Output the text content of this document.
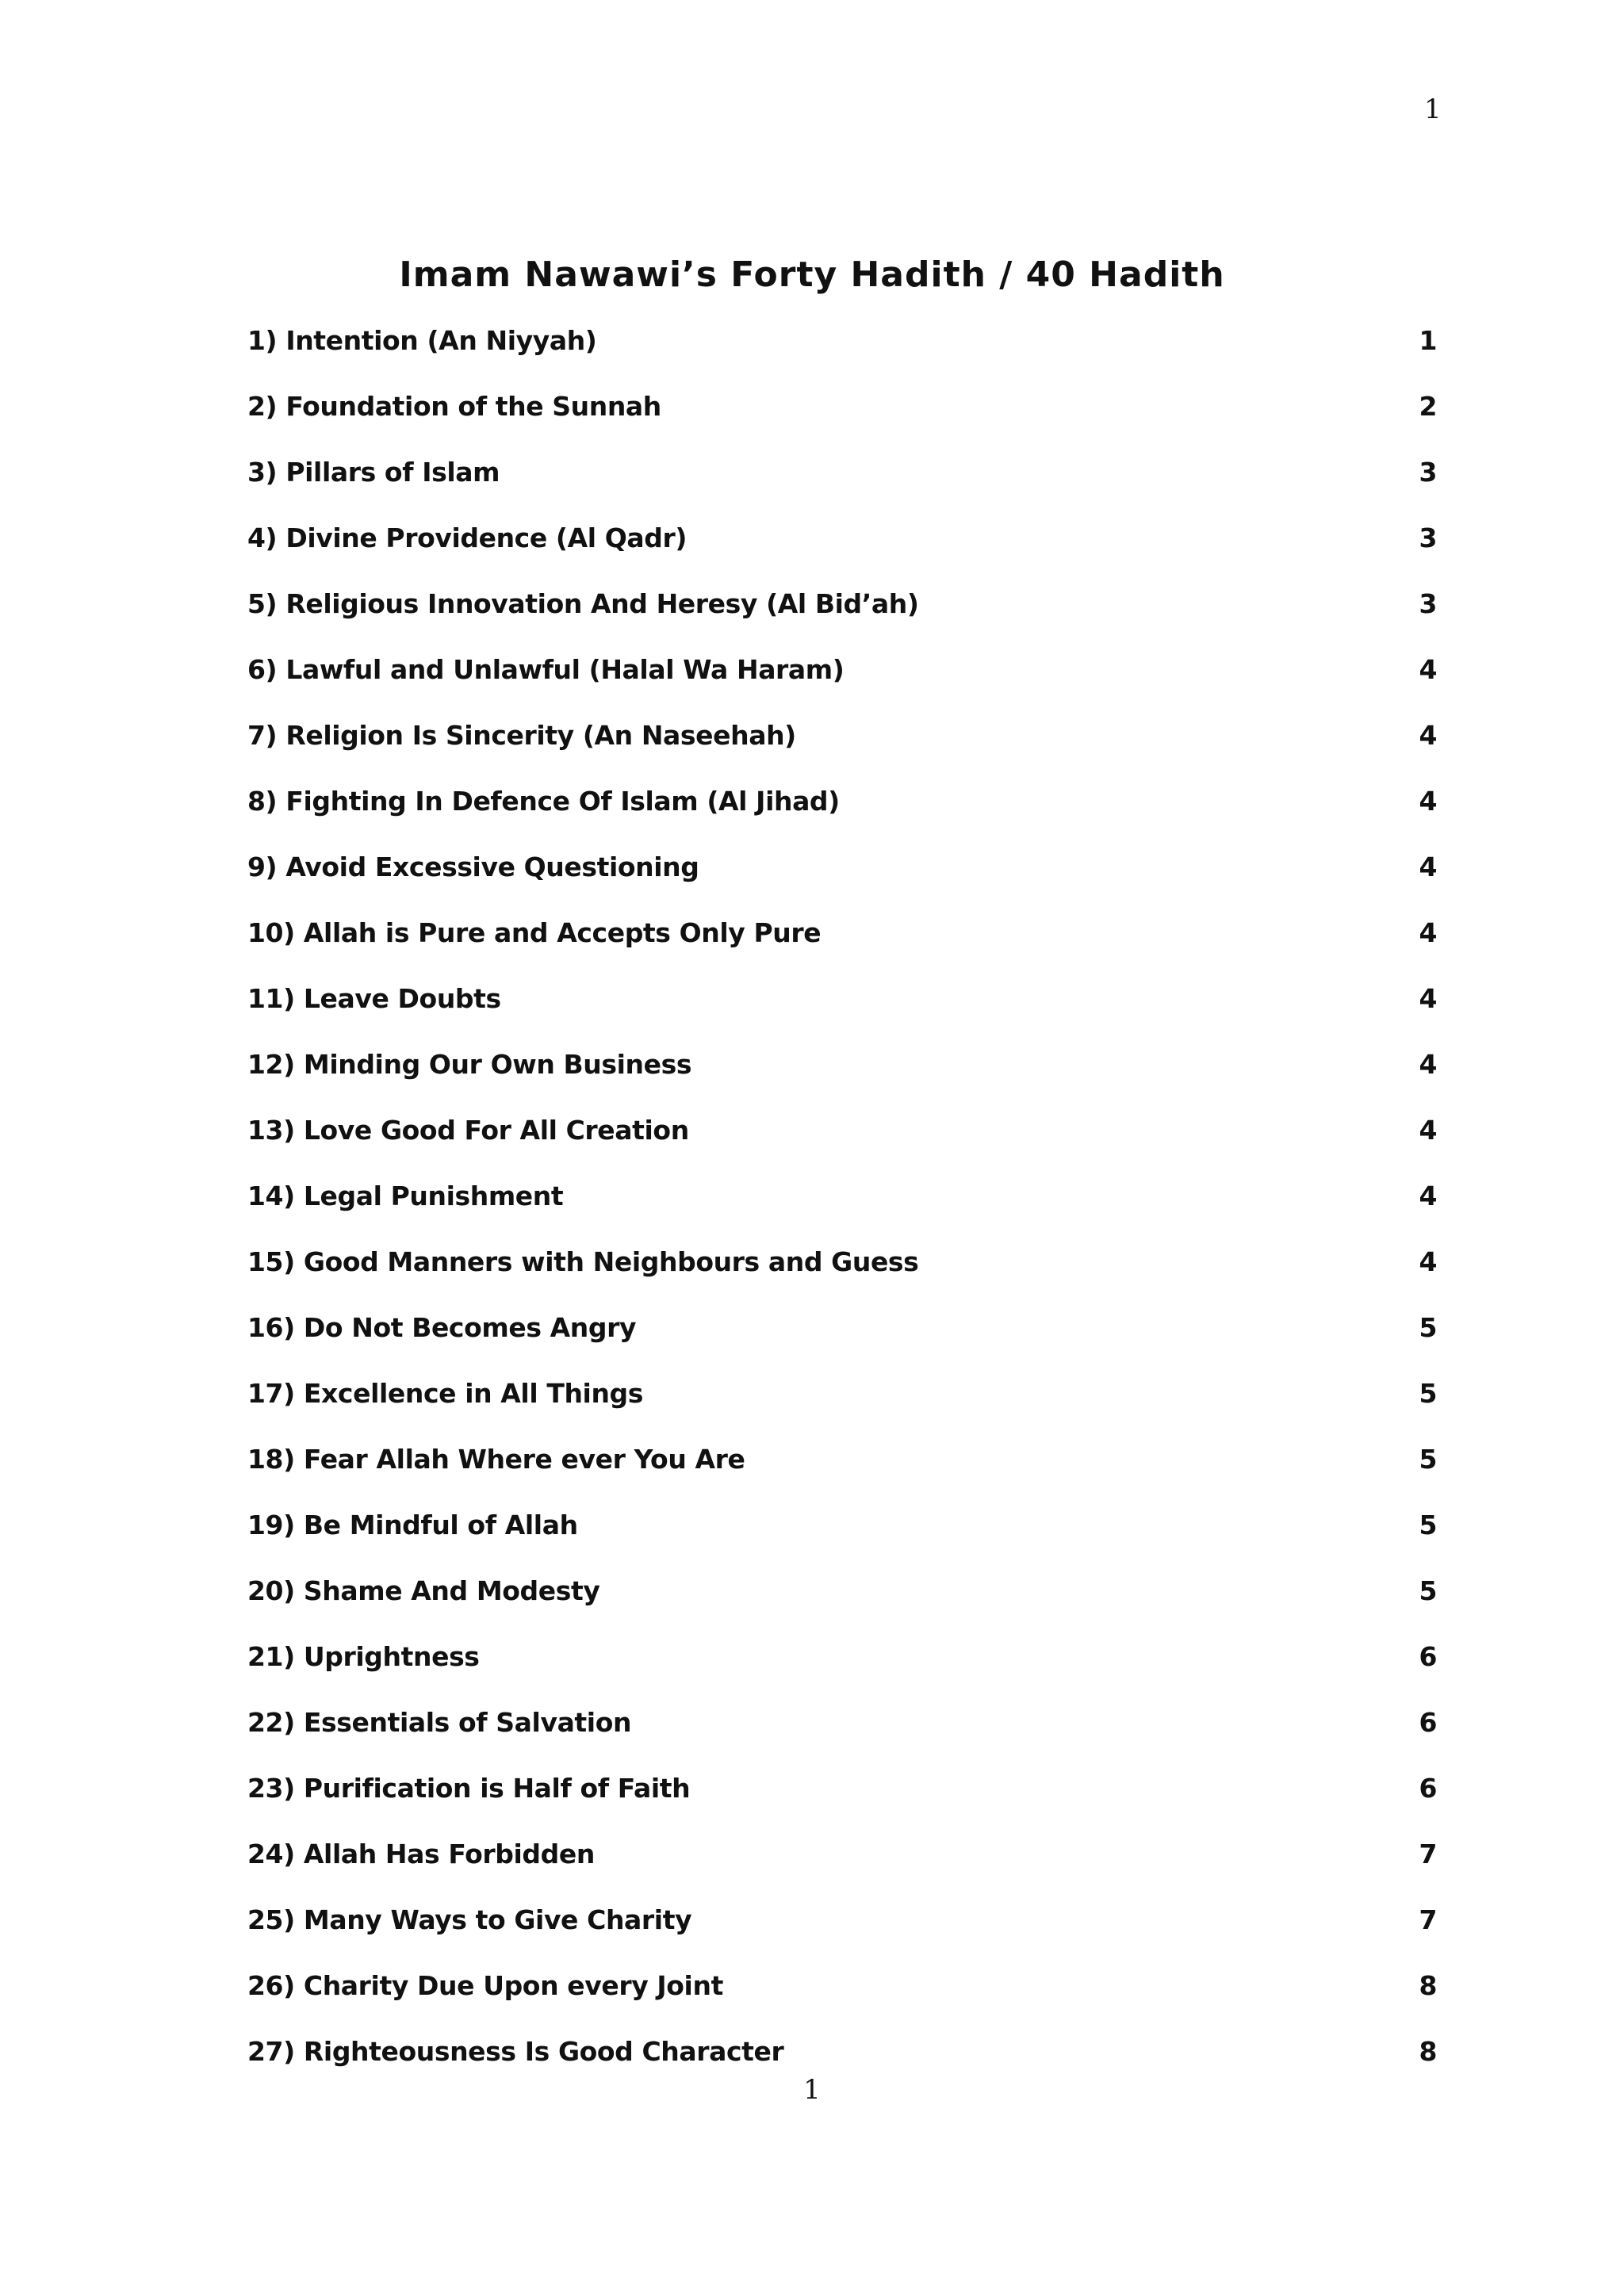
1
Imam Nawawi’s Forty Hadith / 40 Hadith
1) Intention (An Niyyah)	1
2) Foundation of the Sunnah	2
3) Pillars of Islam	3
4) Divine Providence (Al Qadr)	3
5) Religious Innovation And Heresy (Al Bid’ah)	3
6) Lawful and Unlawful (Halal Wa Haram)	4
7) Religion Is Sincerity (An Naseehah)	4
8) Fighting In Defence Of Islam (Al Jihad)	4
9) Avoid Excessive Questioning	4
10) Allah is Pure and Accepts Only Pure	4
11) Leave Doubts	4
12) Minding Our Own Business	4
13) Love Good For All Creation	4
14) Legal Punishment	4
15) Good Manners with Neighbours and Guess	4
16) Do Not Becomes Angry	5
17) Excellence in All Things	5
18) Fear Allah Where ever You Are	5
19) Be Mindful of Allah	5
20) Shame And Modesty	5
21) Uprightness	6
22) Essentials of Salvation	6
23) Purification is Half of Faith	6
24) Allah Has Forbidden	7
25) Many Ways to Give Charity	7
26) Charity Due Upon every Joint	8
27) Righteousness Is Good Character	8
1
